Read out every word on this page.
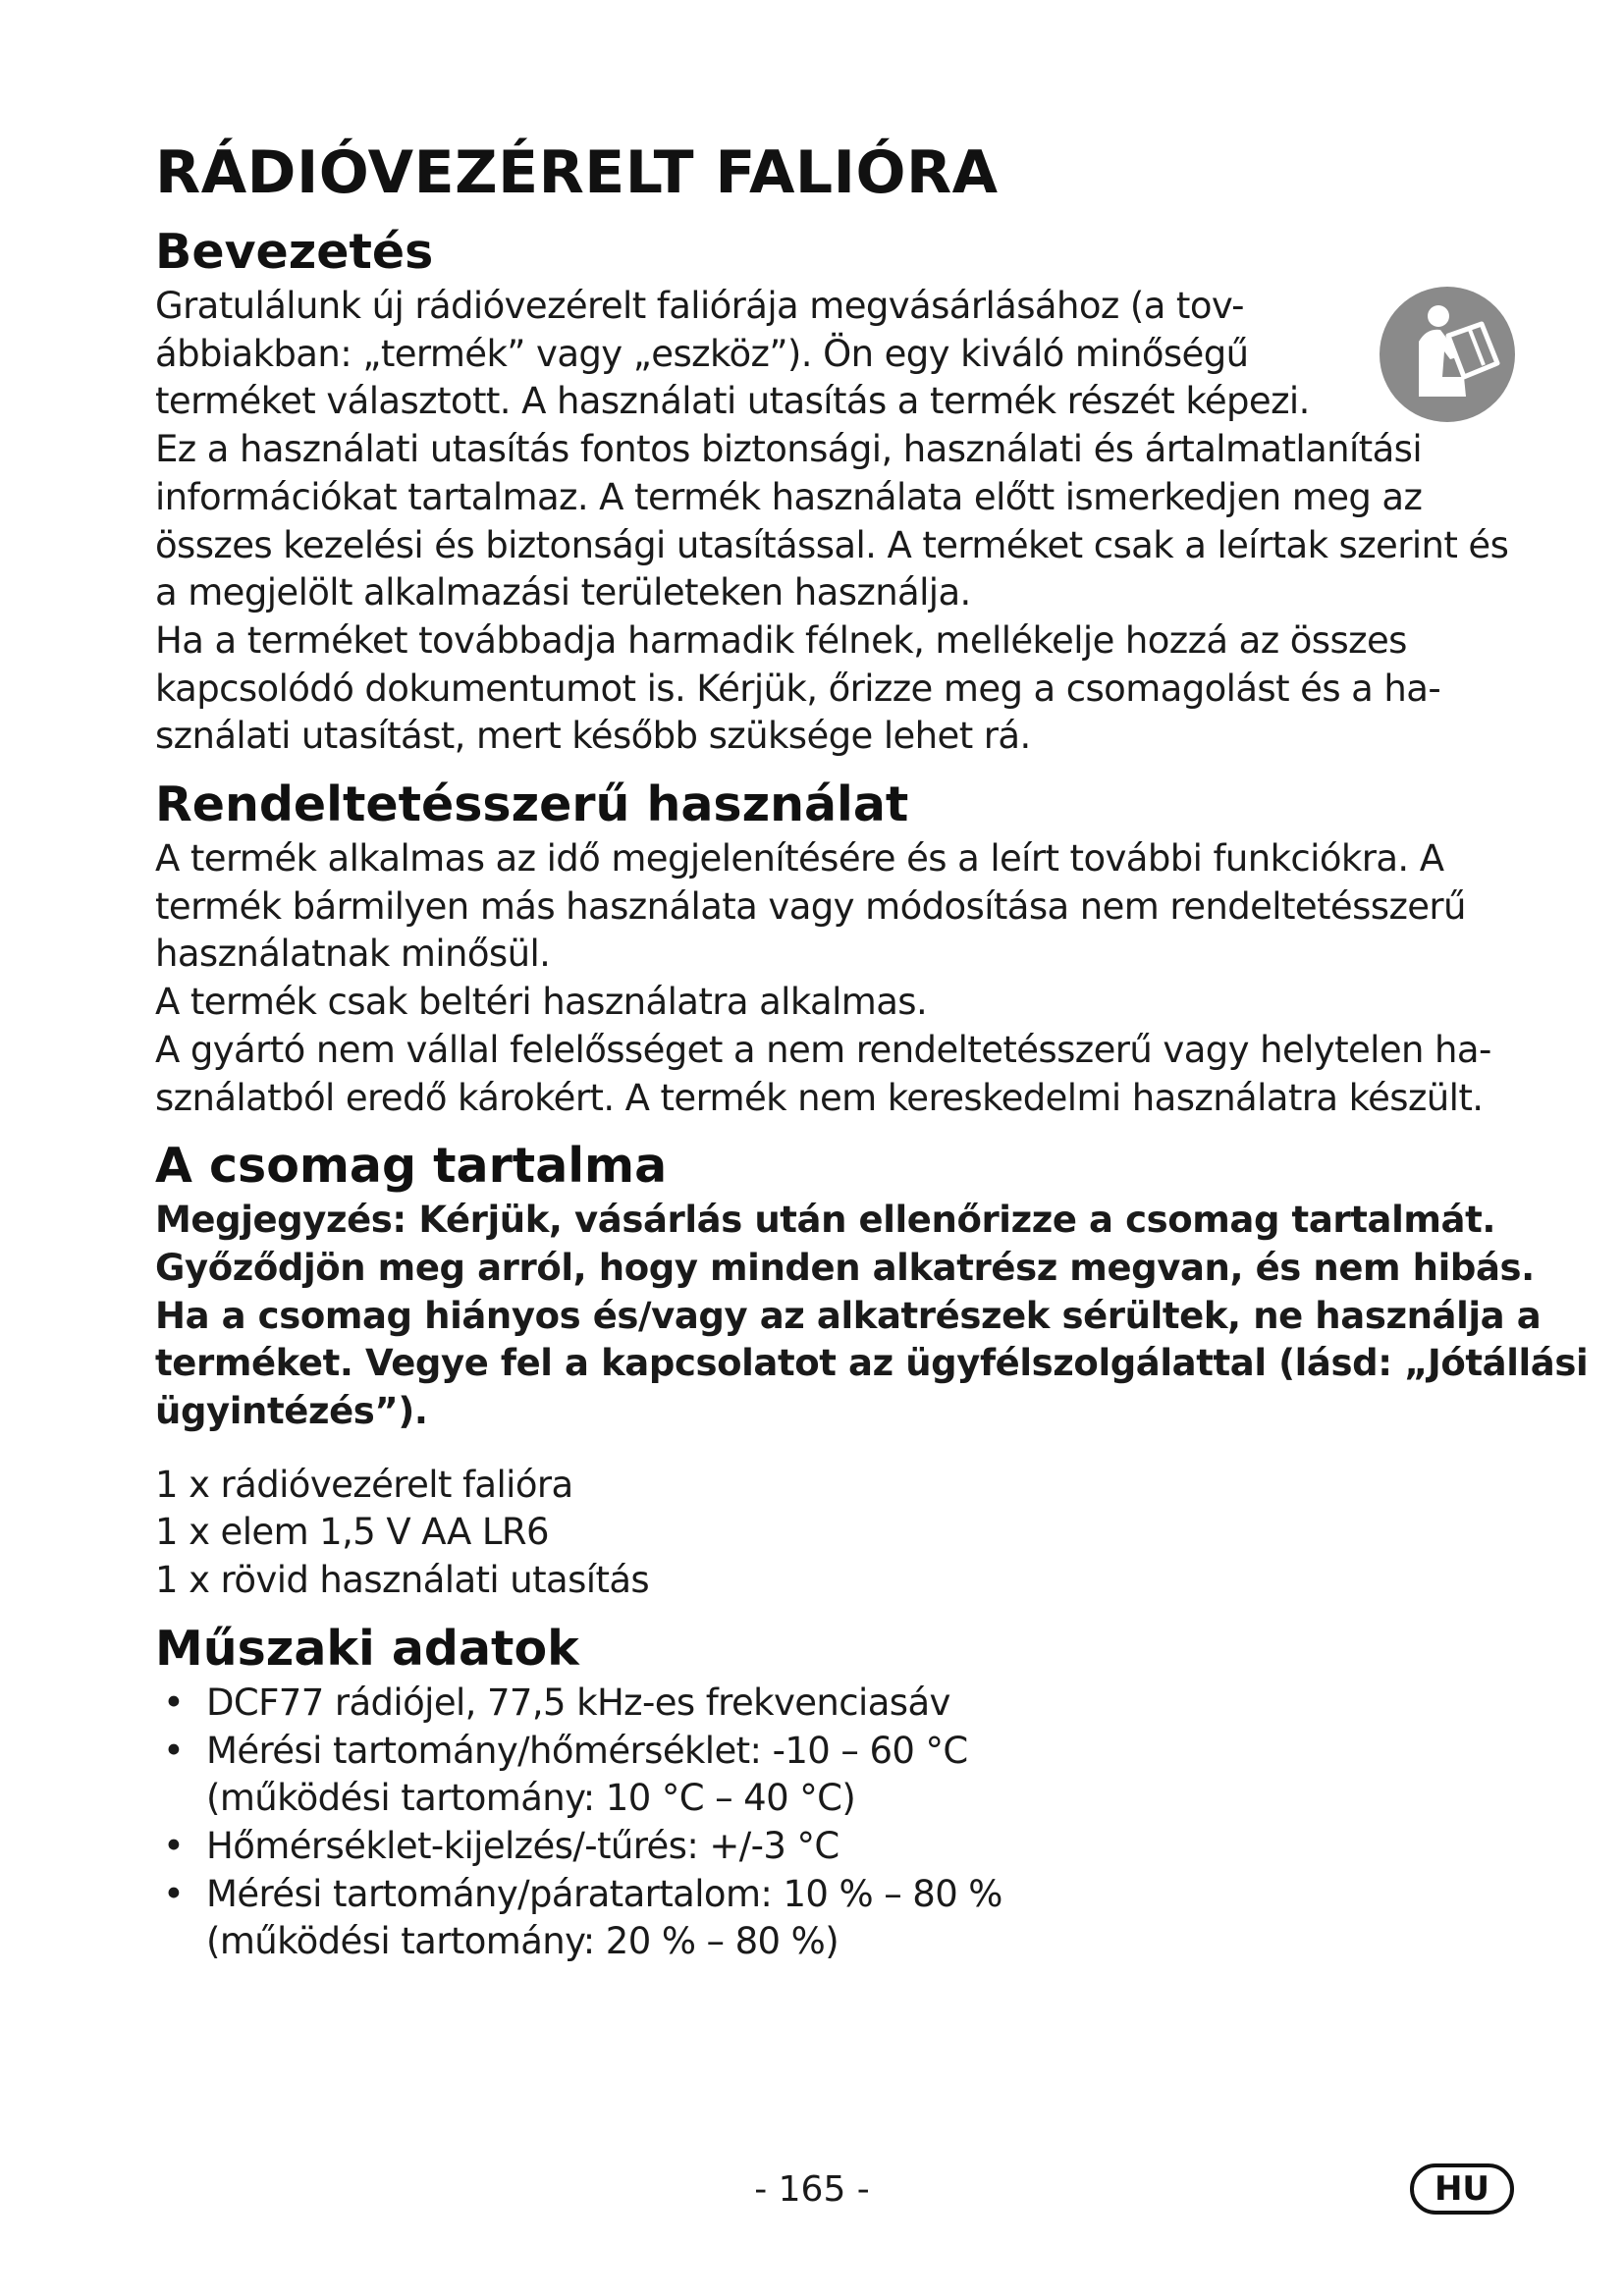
RÁDIÓVEZÉRELT FALIÓRA
Bevezetés
Gratulálunk új rádióvezérelt faliórája megvásárlásához (a tov-
ábbiakban: „termék” vagy „eszköz”). Ön egy kiváló minőségű
terméket választott. A használati utasítás a termék részét képezi.
Ez a használati utasítás fontos biztonsági, használati és ártalmatlanítási
információkat tartalmaz. A termék használata előtt ismerkedjen meg az
összes kezelési és biztonsági utasítással. A terméket csak a leírtak szerint és
a megjelölt alkalmazási területeken használja.
Ha a terméket továbbadja harmadik félnek, mellékelje hozzá az összes
kapcsolódó dokumentumot is. Kérjük, őrizze meg a csomagolást és a ha-
sználati utasítást, mert később szüksége lehet rá.
Rendeltetésszerű használat
A termék alkalmas az idő megjelenítésére és a leírt további funkciókra. A
termék bármilyen más használata vagy módosítása nem rendeltetésszerű
használatnak minősül.
A termék csak beltéri használatra alkalmas.
A gyártó nem vállal felelősséget a nem rendeltetésszerű vagy helytelen ha-
sználatból eredő károkért. A termék nem kereskedelmi használatra készült.
A csomag tartalma
Megjegyzés: Kérjük, vásárlás után ellenőrizze a csomag tartalmát.
Győződjön meg arról, hogy minden alkatrész megvan, és nem hibás.
Ha a csomag hiányos és/vagy az alkatrészek sérültek, ne használja a
terméket. Vegye fel a kapcsolatot az ügyfélszolgálattal (lásd: „Jótállási
ügyintézés”).
1 x rádióvezérelt falióra
1 x elem 1,5 V AA LR6
1 x rövid használati utasítás
Műszaki adatok
• DCF77 rádiójel, 77,5 kHz-es frekvenciasáv
• Mérési tartomány/hőmérséklet: -10 – 60 °C
(működési tartomány: 10 °C – 40 °C)
• Hőmérséklet-kijelzés/-tűrés: +/-3 °C
• Mérési tartomány/páratartalom: 10 % – 80 %
(működési tartomány: 20 % – 80 %)
- 165 -	HU
